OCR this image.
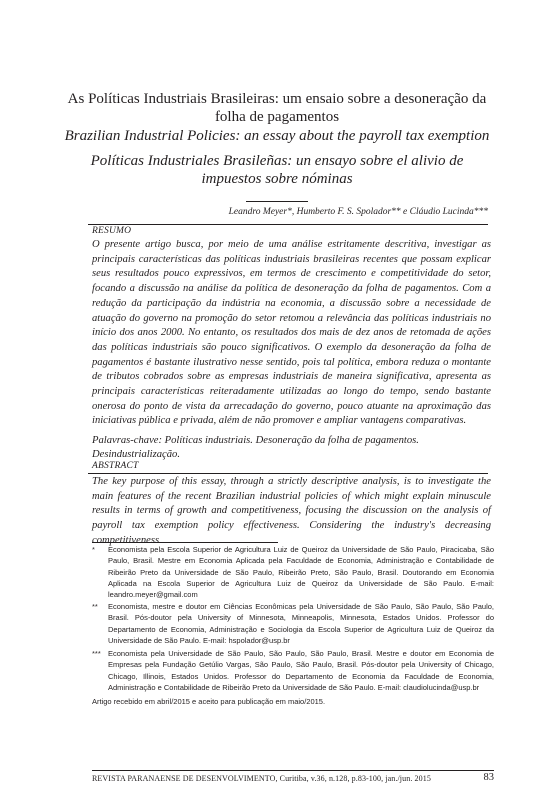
As Políticas Industriais Brasileiras: um ensaio sobre a desoneração da folha de pagamentos
Brazilian Industrial Policies: an essay about the payroll tax exemption
Políticas Industriales Brasileñas: un ensayo sobre el alivio de impuestos sobre nóminas
Leandro Meyer*, Humberto F. S. Spolador** e Cláudio Lucinda***
RESUMO

O presente artigo busca, por meio de uma análise estritamente descritiva, investigar as principais características das políticas industriais brasileiras recentes que possam explicar seus resultados pouco expressivos, em termos de crescimento e competitividade do setor, focando a discussão na análise da política de desoneração da folha de pagamentos. Com a redução da participação da indústria na economia, a discussão sobre a necessidade de atuação do governo na promoção do setor retomou a relevância das políticas industriais no início dos anos 2000. No entanto, os resultados dos mais de dez anos de retomada de ações das políticas industriais são pouco significativos. O exemplo da desoneração da folha de pagamentos é bastante ilustrativo nesse sentido, pois tal política, embora reduza o montante de tributos cobrados sobre as empresas industriais de maneira significativa, apresenta as principais características reiteradamente utilizadas ao longo do tempo, sendo bastante onerosa do ponto de vista da arrecadação do governo, pouco atuante na aproximação das iniciativas pública e privada, além de não promover e ampliar vantagens comparativas.

Palavras-chave: Políticas industriais. Desoneração da folha de pagamentos. Desindustrialização.

ABSTRACT

The key purpose of this essay, through a strictly descriptive analysis, is to investigate the main features of the recent Brazilian industrial policies of which might explain minuscule results in terms of growth and competitiveness, focusing the discussion on the analysis of payroll tax exemption policy effectiveness. Considering the industry's decreasing competitiveness

*	Economista pela Escola Superior de Agricultura Luiz de Queiroz da Universidade de São Paulo, Piracicaba, São Paulo, Brasil. Mestre em Economia Aplicada pela Faculdade de Economia, Administração e Contabilidade de Ribeirão Preto da Universidade de São Paulo, Ribeirão Preto, São Paulo, Brasil. Doutorando em Economia Aplicada na Escola Superior de Agricultura Luiz de Queiroz da Universidade de São Paulo. E-mail: leandro.meyer@gmail.com
**	Economista, mestre e doutor em Ciências Econômicas pela Universidade de São Paulo, São Paulo, São Paulo, Brasil. Pós-doutor pela University of Minnesota, Minneapolis, Minnesota, Estados Unidos. Professor do Departamento de Economia, Administração e Sociologia da Escola Superior de Agricultura Luiz de Queiroz da Universidade de São Paulo. E-mail: hspolador@usp.br
*** Economista pela Universidade de São Paulo, São Paulo, São Paulo, Brasil. Mestre e doutor em Economia de Empresas pela Fundação Getúlio Vargas, São Paulo, São Paulo, Brasil. Pós-doutor pela University of Chicago, Chicago, Illinois, Estados Unidos. Professor do Departamento de Economia da Faculdade de Economia, Administração e Contabilidade de Ribeirão Preto da Universidade de São Paulo. E-mail: claudiolucinda@usp.br
Artigo recebido em abril/2015 e aceito para publicação em maio/2015.
REVISTA PARANAENSE DE DESENVOLVIMENTO, Curitiba, v.36, n.128, p.83-100, jan./jun. 2015	83
